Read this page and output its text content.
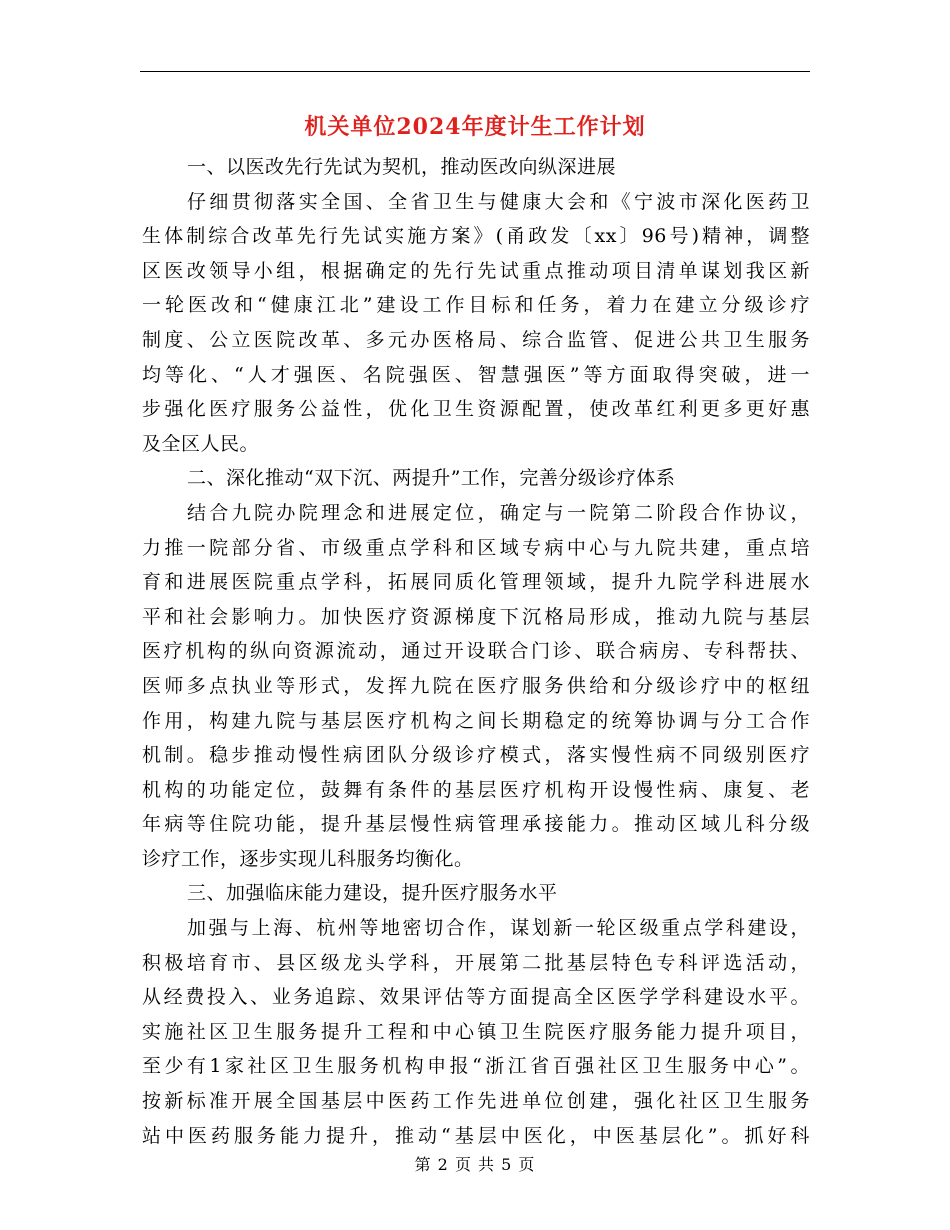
机关单位2024年度计生工作计划
一、以医改先行先试为契机，推动医改向纵深进展
仔细贯彻落实全国、全省卫生与健康大会和《宁波市深化医药卫
生体制综合改革先行先试实施方案》(甬政发〔xx〕96号)精神，调整
区医改领导小组，根据确定的先行先试重点推动项目清单谋划我区新
一轮医改和“健康江北”建设工作目标和任务，着力在建立分级诊疗
制度、公立医院改革、多元办医格局、综合监管、促进公共卫生服务
均等化、“人才强医、名院强医、智慧强医”等方面取得突破，进一
步强化医疗服务公益性，优化卫生资源配置，使改革红利更多更好惠
及全区人民。
二、深化推动“双下沉、两提升”工作，完善分级诊疗体系
结合九院办院理念和进展定位，确定与一院第二阶段合作协议，
力推一院部分省、市级重点学科和区域专病中心与九院共建，重点培
育和进展医院重点学科，拓展同质化管理领域，提升九院学科进展水
平和社会影响力。加快医疗资源梯度下沉格局形成，推动九院与基层
医疗机构的纵向资源流动，通过开设联合门诊、联合病房、专科帮扶、
医师多点执业等形式，发挥九院在医疗服务供给和分级诊疗中的枢纽
作用，构建九院与基层医疗机构之间长期稳定的统筹协调与分工合作
机制。稳步推动慢性病团队分级诊疗模式，落实慢性病不同级别医疗
机构的功能定位，鼓舞有条件的基层医疗机构开设慢性病、康复、老
年病等住院功能，提升基层慢性病管理承接能力。推动区域儿科分级
诊疗工作，逐步实现儿科服务均衡化。
三、加强临床能力建设，提升医疗服务水平
加强与上海、杭州等地密切合作，谋划新一轮区级重点学科建设，
积极培育市、县区级龙头学科，开展第二批基层特色专科评选活动，
从经费投入、业务追踪、效果评估等方面提高全区医学学科建设水平。
实施社区卫生服务提升工程和中心镇卫生院医疗服务能力提升项目，
至少有1家社区卫生服务机构申报“浙江省百强社区卫生服务中心”。
按新标准开展全国基层中医药工作先进单位创建，强化社区卫生服务
站中医药服务能力提升，推动“基层中医化，中医基层化”。抓好科
第 2 页 共 5 页
